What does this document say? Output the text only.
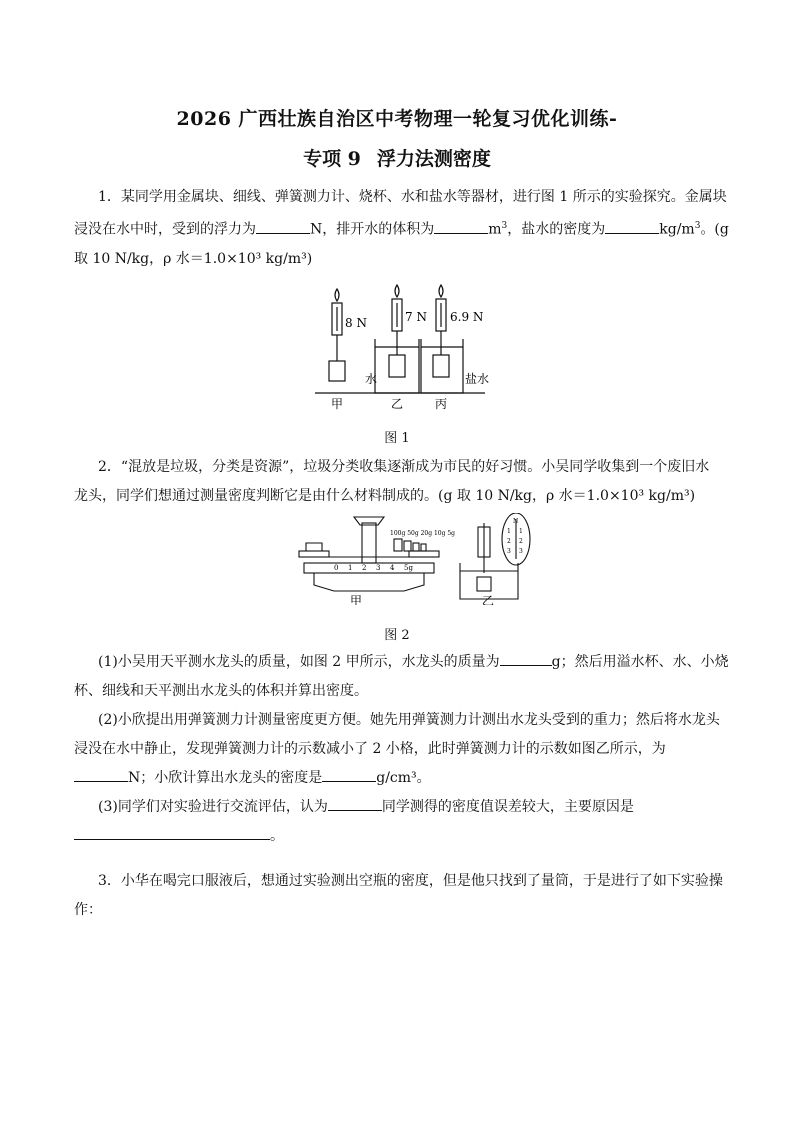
2026 广西壮族自治区中考物理一轮复习优化训练-
专项 9 浮力法测密度
1．某同学用金属块、细线、弹簧测力计、烧杯、水和盐水等器材，进行图 1 所示的实验探究。金属块
浸没在水中时，受到的浮力为	N，排开水的体积为	$m^3$，盐水的密度为	$kg/m^3$。(g
取 10 N/kg，ρ 水＝1.0×10³ kg/m³)
8 N	7 N 6.9 N
水	盐水
甲	乙	丙
图 1
2．“混放是垃圾，分类是资源”，垃圾分类收集逐渐成为市民的好习惯。小吴同学收集到一个废旧水
龙头，同学们想通过测量密度判断它是由什么材料制成的。(g 取 10 N/kg，ρ 水＝1.0×10³ kg/m³)
100g 50g 20g 10g 5g
甲	乙
0 1 2 3 4 5g
N
1
2
3
1
2
3
图 2
(1)小吴用天平测水龙头的质量，如图 2 甲所示，水龙头的质量为	g；然后用溢水杯、水、小烧
杯、细线和天平测出水龙头的体积并算出密度。
(2)小欣提出用弹簧测力计测量密度更方便。她先用弹簧测力计测出水龙头受到的重力；然后将水龙头
浸没在水中静止，发现弹簧测力计的示数减小了 2 小格，此时弹簧测力计的示数如图乙所示，为
N；小欣计算出水龙头的密度是	g/cm³。
(3)同学们对实验进行交流评估，认为	同学测得的密度值误差较大，主要原因是
。
3．小华在喝完口服液后，想通过实验测出空瓶的密度，但是他只找到了量筒，于是进行了如下实验操
作：
